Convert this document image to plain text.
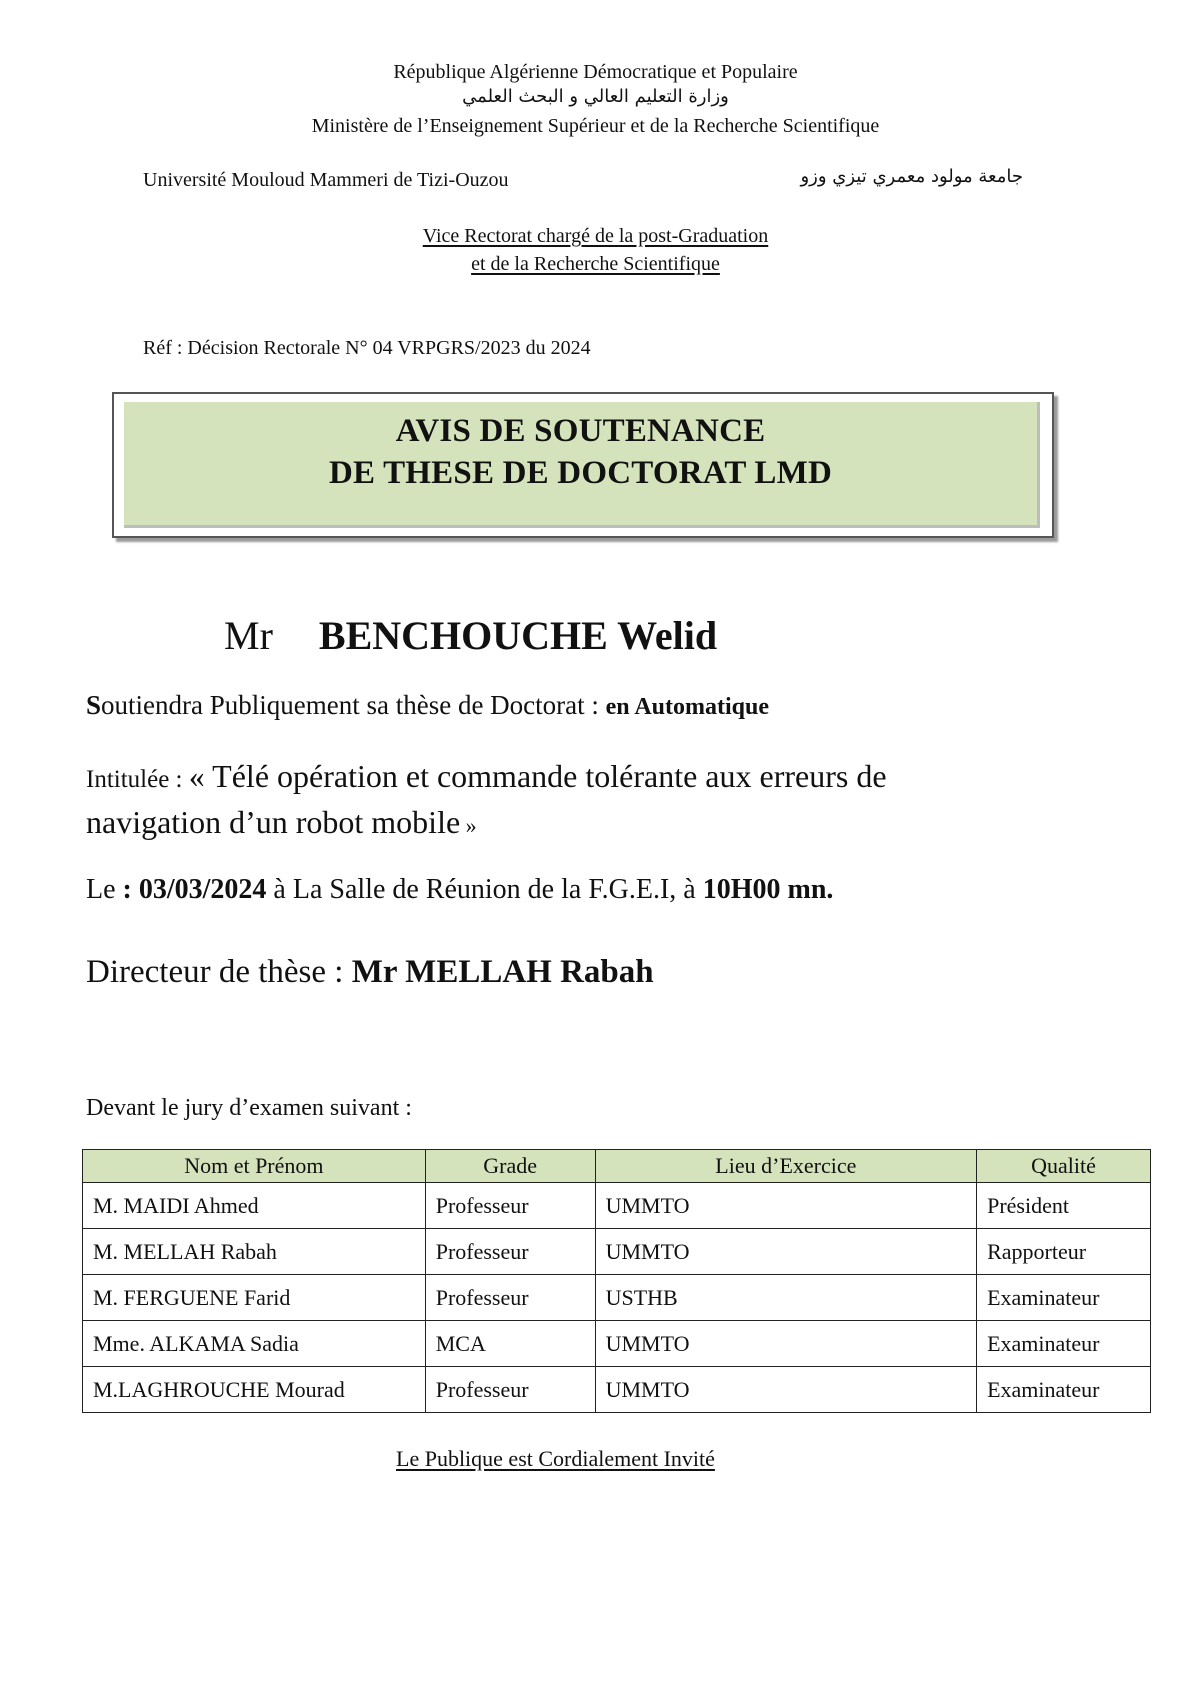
République Algérienne Démocratique et Populaire
وزارة التعليم العالي و البحث العلمي
Ministère de l’Enseignement Supérieur et de la Recherche Scientifique
Université Mouloud Mammeri de Tizi-Ouzou	جامعة مولود معمري تيزي وزو
Vice Rectorat chargé de la post-Graduation
et de la Recherche Scientifique
Réf : Décision Rectorale N° 04 VRPGRS/2023 du 2024
AVIS DE SOUTENANCE
DE THESE DE DOCTORAT LMD
Mr BENCHOUCHE Welid
Soutiendra Publiquement sa thèse de Doctorat : en Automatique
Intitulée : « Télé opération et commande tolérante aux erreurs de
navigation d’un robot mobile »
Le : 03/03/2024 à La Salle de Réunion de la F.G.E.I, à 10H00 mn.
Directeur de thèse : Mr MELLAH Rabah
Devant le jury d’examen suivant :
Nom et Prénom	Grade	Lieu d’Exercice	Qualité
M. MAIDI Ahmed	Professeur	UMMTO	Président
M. MELLAH Rabah	Professeur	UMMTO	Rapporteur
M. FERGUENE Farid	Professeur	USTHB	Examinateur
Mme. ALKAMA Sadia	MCA	UMMTO	Examinateur
M.LAGHROUCHE Mourad	Professeur	UMMTO	Examinateur
Le Publique est Cordialement Invité
